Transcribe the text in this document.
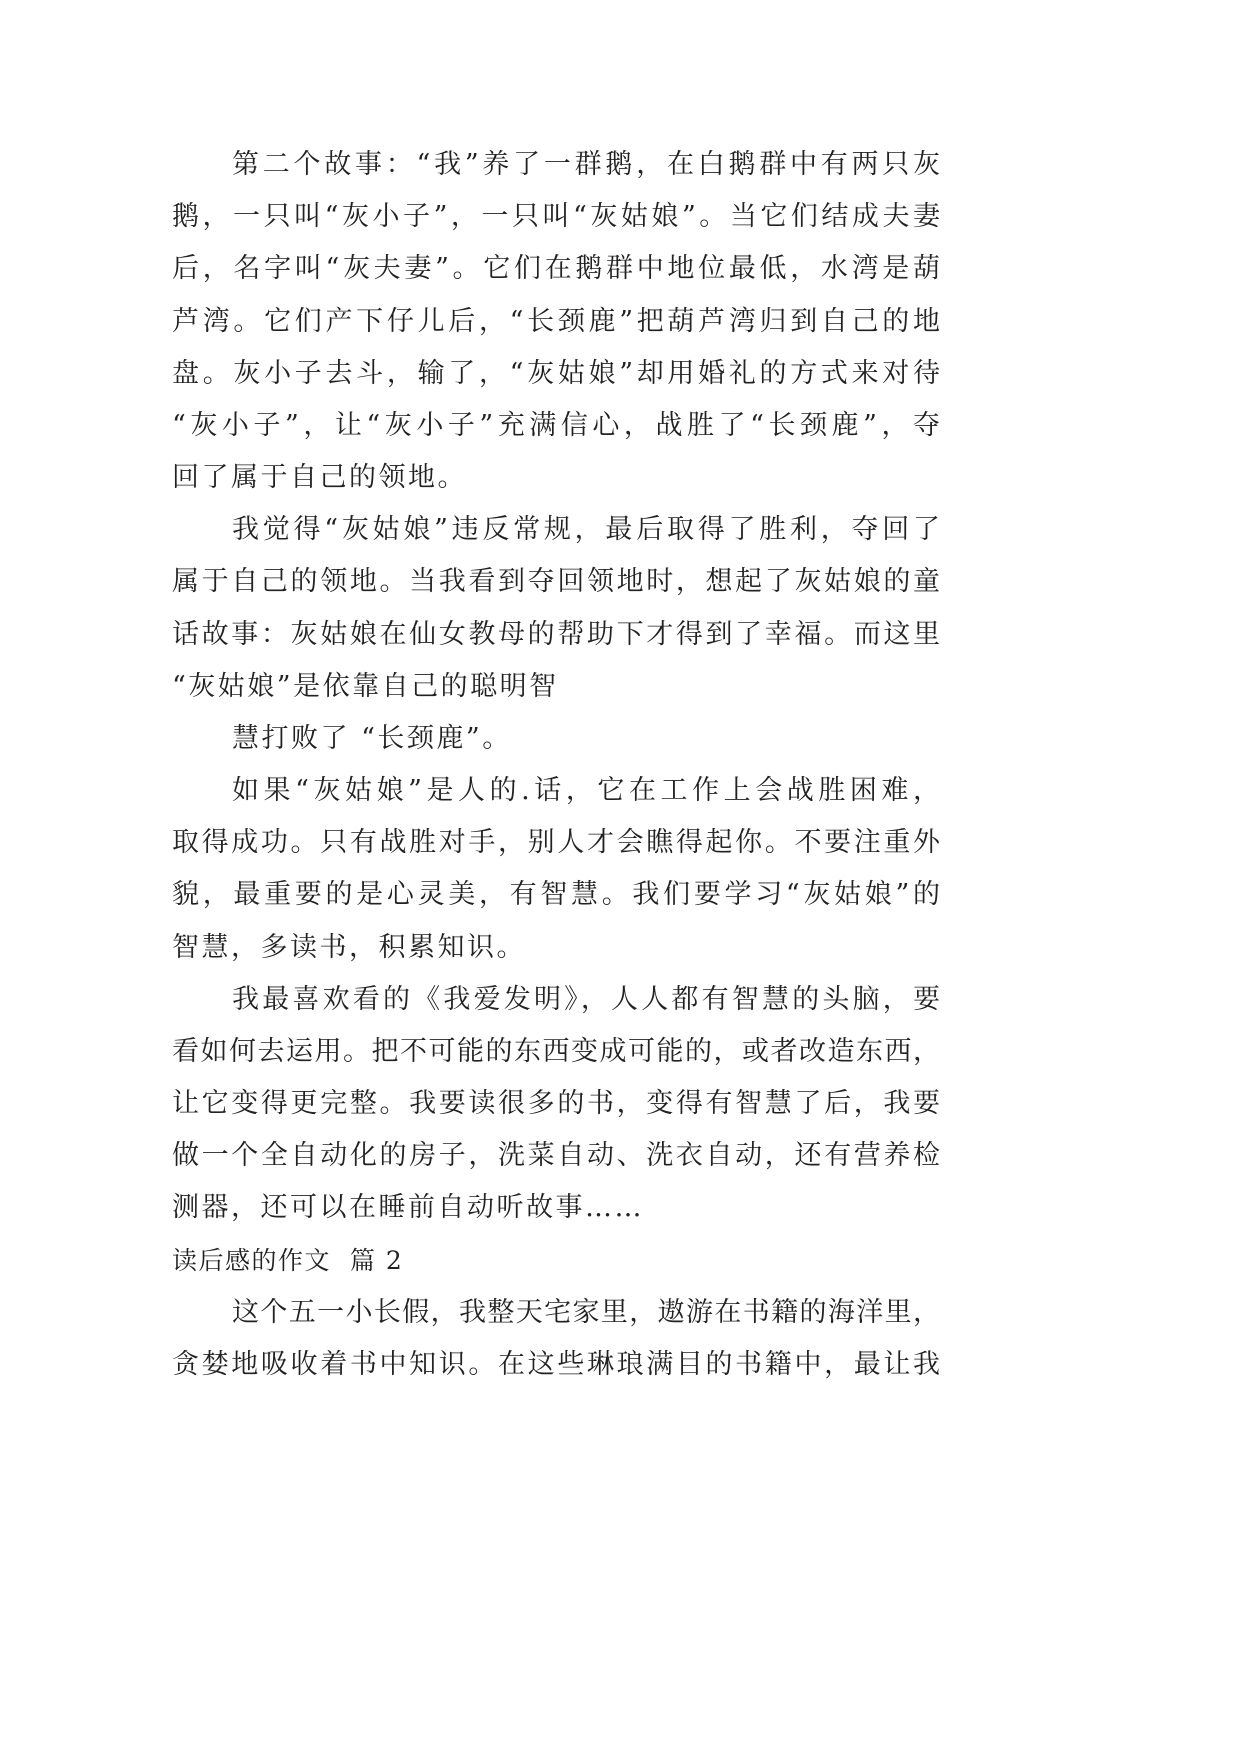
第二个故事：“我”养了一群鹅，在白鹅群中有两只灰
鹅，一只叫“灰小子”，一只叫“灰姑娘”。当它们结成夫妻
后，名字叫“灰夫妻”。它们在鹅群中地位最低，水湾是葫
芦湾。它们产下仔儿后，“长颈鹿”把葫芦湾归到自己的地
盘。灰小子去斗，输了，“灰姑娘”却用婚礼的方式来对待
“灰小子”，让“灰小子”充满信心，战胜了“长颈鹿”，夺
回了属于自己的领地。
我觉得“灰姑娘”违反常规，最后取得了胜利，夺回了
属于自己的领地。当我看到夺回领地时，想起了灰姑娘的童
话故事：灰姑娘在仙女教母的帮助下才得到了幸福。而这里
“灰姑娘”是依靠自己的聪明智
慧打败了 “长颈鹿”。
如果“灰姑娘”是人的.话，它在工作上会战胜困难，
取得成功。只有战胜对手，别人才会瞧得起你。不要注重外
貌，最重要的是心灵美，有智慧。我们要学习“灰姑娘”的
智慧，多读书，积累知识。
我最喜欢看的《我爱发明》，人人都有智慧的头脑，要
看如何去运用。把不可能的东西变成可能的，或者改造东西，
让它变得更完整。我要读很多的书，变得有智慧了后，我要
做一个全自动化的房子，洗菜自动、洗衣自动，还有营养检
测器，还可以在睡前自动听故事……
读后感的作文  篇 2
这个五一小长假，我整天宅家里，遨游在书籍的海洋里，
贪婪地吸收着书中知识。在这些琳琅满目的书籍中，最让我
